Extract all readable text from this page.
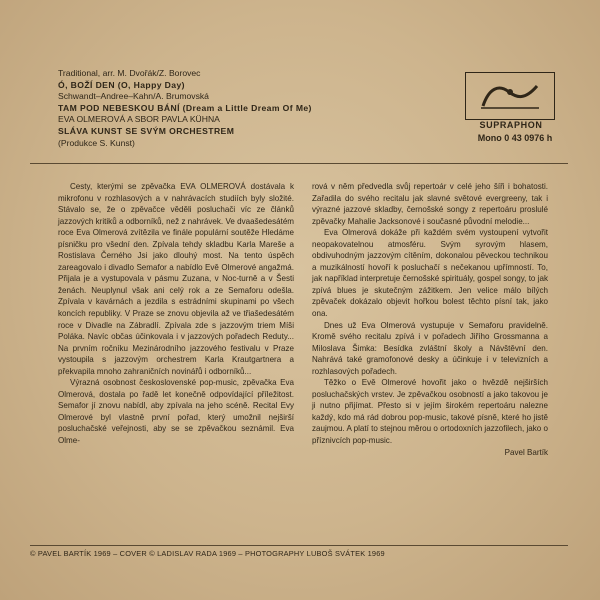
Traditional, arr. M. Dvořák/Z. Borovec
Ó, BOŽÍ DEN (O, Happy Day)
Schwandt–Andree–Kahn/A. Brumovská
TAM POD NEBESKOU BÁNÍ (Dream a Little Dream Of Me)
EVA OLMEROVÁ A SBOR PAVLA KÜHNA
SLÁVA KUNST SE SVÝM ORCHESTREM
(Produkce S. Kunst)
SUPRAPHON
Mono 0 43 0976 h

Cesty, kterými se zpěvačka EVA OLMEROVÁ dostávala k mikrofonu v rozhlasových a v nahrávacích studiích byly složité. Stávalo se, že o zpěvačce věděli posluchači víc ze článků jazzových kritiků a odborníků, než z nahrávek. Ve dvaašedesátém roce Eva Olmerová zvítězila ve finále populární soutěže Hledáme písničku pro všední den. Zpívala tehdy skladbu Karla Mareše a Rostislava Černého Jsi jako dlouhý most. Na tento úspěch zareagovalo i divadlo Semafor a nabídlo Evě Olmerové angažmá. Přijala je a vystupovala v pásmu Zuzana, v Noc-turně a v Šesti ženách. Neuplynul však ani celý rok a ze Semaforu odešla. Zpívala v kavárnách a jezdila s estrádními skupinami po všech koncích republiky. V Praze se znovu objevila až ve třiašedesátém roce v Divadle na Zábradlí. Zpívala zde s jazzovým triem Míši Poláka. Navíc občas účinkovala i v jazzových pořadech Reduty... Na prvním ročníku Mezinárodního jazzového festivalu v Praze vystoupila s jazzovým orchestrem Karla Krautgartnera a překvapila mnoho zahraničních novinářů i odborníků...

Výrazná osobnost československé pop-music, zpěvačka Eva Olmerová, dostala po řadě let konečně odpovídající příležitost. Semafor jí znovu nabídl, aby zpívala na jeho scéně. Recital Evy Olmerové byl vlastně první pořad, který umožnil nejširší posluchačské veřejnosti, aby se se zpěvačkou seznámil. Eva Olme-

rová v něm předvedla svůj repertoár v celé jeho šíři i bohatosti. Zařadila do svého recitalu jak slavné světové evergreeny, tak i výrazné jazzové skladby, černošské songy z repertoáru proslulé zpěvačky Mahalie Jacksonové i současné původní melodie...

Eva Olmerová dokáže při každém svém vystoupení vytvořit neopakovatelnou atmosféru. Svým syrovým hlasem, obdivuhodným jazzovým cítěním, dokonalou pěveckou technikou a muzikálností hovoří k posluchačí s nečekanou upřímností. To, jak například interpretuje černošské spirituály, gospel songy, to jak zpívá blues je skutečným zážitkem. Jen velice málo bílých zpěvaček dokázalo objevit hořkou bolest těchto písní tak, jako ona.

Dnes už Eva Olmerová vystupuje v Semaforu pravidelně. Kromě svého recitalu zpívá i v pořadech Jiřího Grossmanna a Miloslava Šimka: Besídka zvláštní školy a Návštěvní den. Nahrává také gramofonové desky a účinkuje i v televizních a rozhlasových pořadech.

Těžko o Evě Olmerové hovořit jako o hvězdě nejširších posluchačských vrstev. Je zpěvačkou osobností a jako takovou je ji nutno přijímat. Přesto si v jejím širokém repertoáru nalezne každý, kdo má rád dobrou pop-music, takové písně, které ho jistě zaujmou. A platí to stejnou měrou o ortodoxních jazzofilech, jako o příznivcích pop-music.

Pavel Bartík
© PAVEL BARTÍK 1969 – COVER © LADISLAV RADA 1969 – PHOTOGRAPHY LUBOŠ SVÁTEK 1969
